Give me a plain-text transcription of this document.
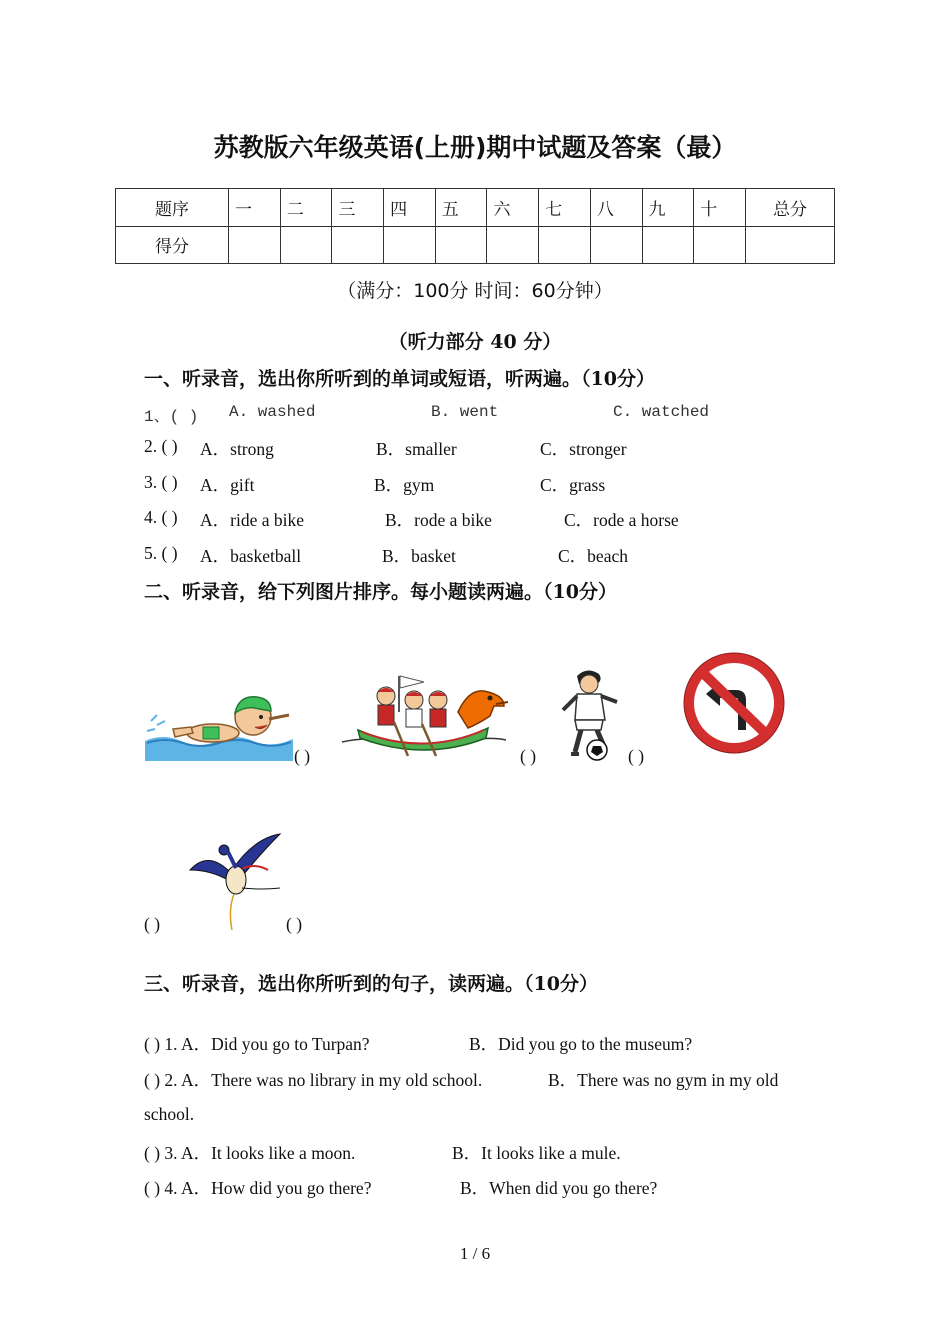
苏教版六年级英语(上册)期中试题及答案（最）
题序	一	二	三	四	五	六	七	八	九	十	总分
得分											
（满分：100分 时间：60分钟）
（听力部分 40 分）
一、听录音，选出你所听到的单词或短语，听两遍。（10分）
1、( ) A. washed	B. went	C. watched
2. ( ) A．strong	B．smaller	C．stronger
3. ( ) A．gift	B．gym	C．grass
4. ( ) A．ride a bike	B．rode a bike	C．rode a horse
5. ( ) A．basketball	B．basket	C．beach
二、听录音，给下列图片排序。每小题读两遍。（10分）
( )	( )	( )
( )	( )
三、听录音，选出你所听到的句子，读两遍。（10分）
( ) 1. A．Did you go to Turpan?	B．Did you go to the museum?
( ) 2. A．There was no library in my old school.	B．There was no gym in my old
school.
( ) 3. A．It looks like a moon.	B．It looks like a mule.
( ) 4. A．How did you go there?	B．When did you go there?
1 / 6
